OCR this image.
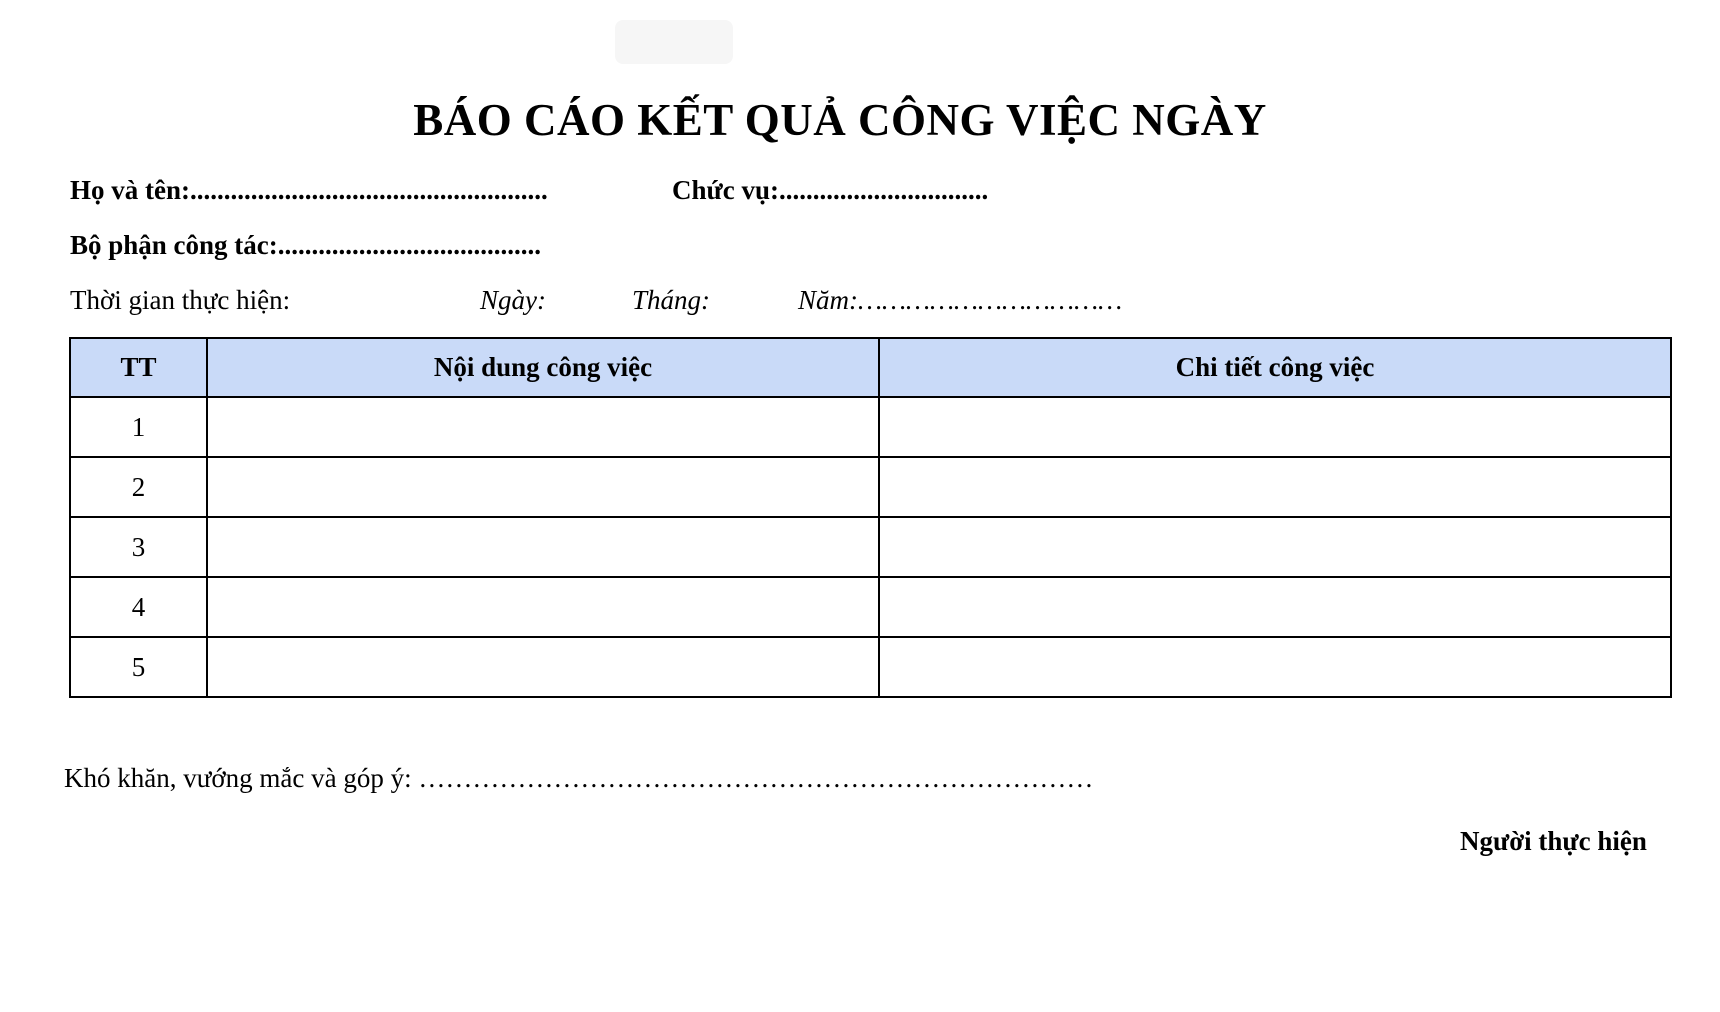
BÁO CÁO KẾT QUẢ CÔNG VIỆC NGÀY
Họ và tên:.....................................................	Chức vụ:...............................
Bộ phận công tác:.......................................
Thời gian thực hiện:	Ngày:	Tháng:	Năm:……………………………
TT	Nội dung công việc	Chi tiết công việc
1		
2		
3		
4		
5		
Khó khăn, vướng mắc và góp ý: …………………………………………………………………
Người thực hiện
